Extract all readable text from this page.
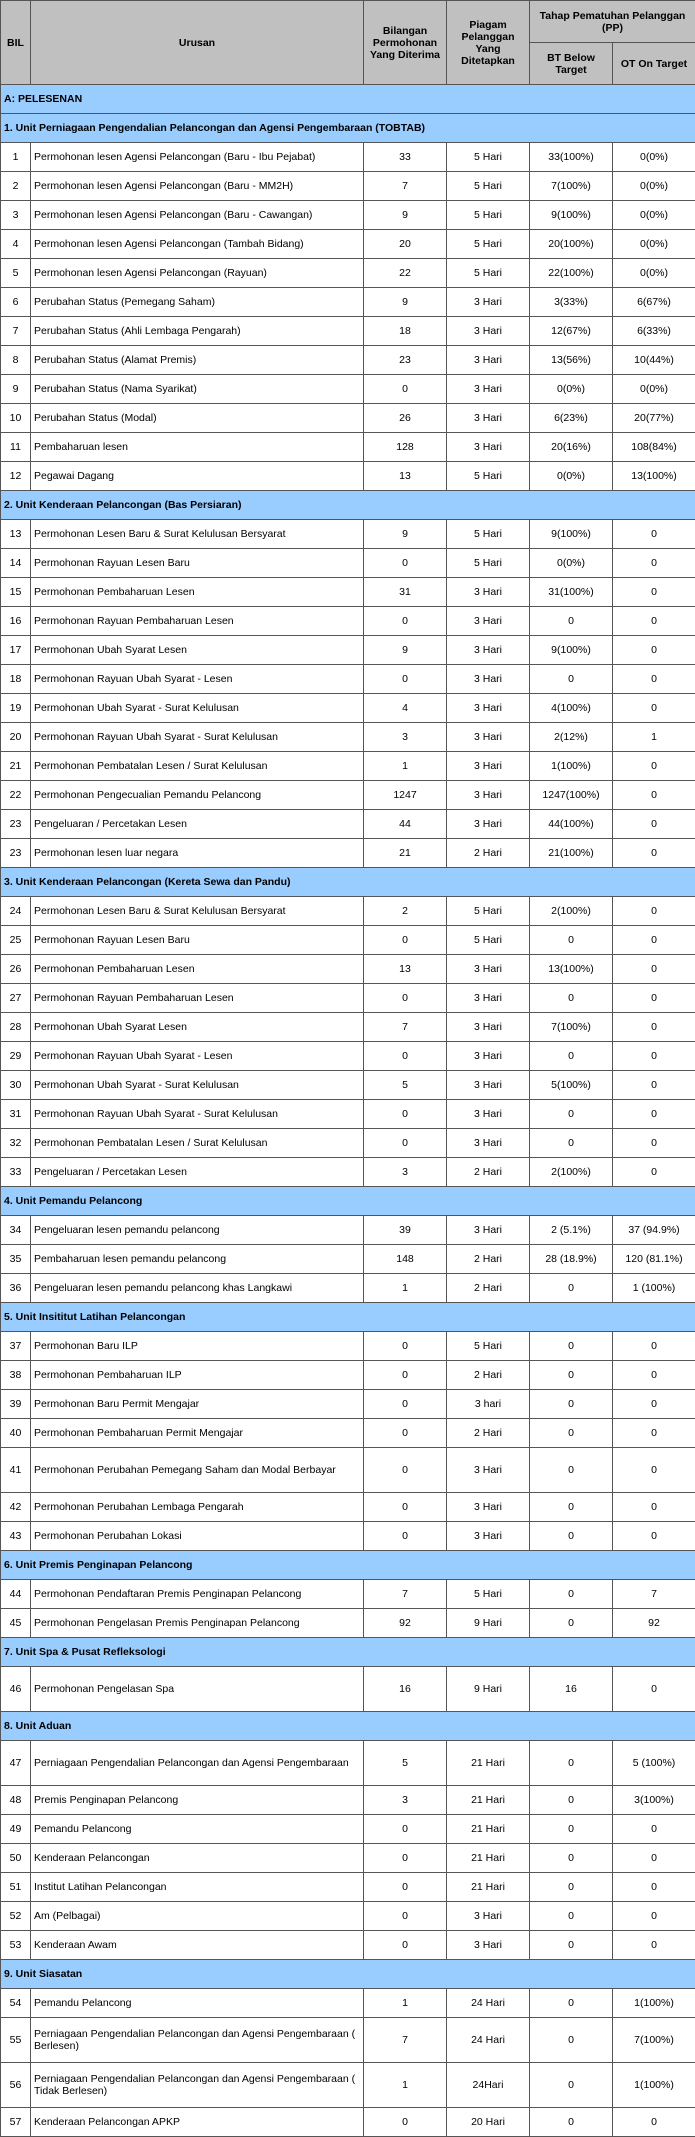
BIL	Urusan	Bilangan Permohonan Yang Diterima	Piagam Pelanggan Yang Ditetapkan	Tahap Pematuhan Pelanggan (PP)	
				BT Below Target	OT On Target
A: PELESENAN					
1. Unit Perniagaan Pengendalian Pelancongan dan Agensi Pengembaraan (TOBTAB)					
1	Permohonan lesen Agensi Pelancongan (Baru - Ibu Pejabat)	33	5 Hari	33(100%)	0(0%)
2	Permohonan lesen Agensi Pelancongan (Baru - MM2H)	7	5 Hari	7(100%)	0(0%)
3	Permohonan lesen Agensi Pelancongan (Baru - Cawangan)	9	5 Hari	9(100%)	0(0%)
4	Permohonan lesen Agensi Pelancongan (Tambah Bidang)	20	5 Hari	20(100%)	0(0%)
5	Permohonan lesen Agensi Pelancongan (Rayuan)	22	5 Hari	22(100%)	0(0%)
6	Perubahan Status (Pemegang Saham)	9	3 Hari	3(33%)	6(67%)
7	Perubahan Status (Ahli Lembaga Pengarah)	18	3 Hari	12(67%)	6(33%)
8	Perubahan Status (Alamat Premis)	23	3 Hari	13(56%)	10(44%)
9	Perubahan Status (Nama Syarikat)	0	3 Hari	0(0%)	0(0%)
10	Perubahan Status (Modal)	26	3 Hari	6(23%)	20(77%)
11	Pembaharuan lesen	128	3 Hari	20(16%)	108(84%)
12	Pegawai Dagang	13	5 Hari	0(0%)	13(100%)
2. Unit Kenderaan Pelancongan (Bas Persiaran)					
13	Permohonan Lesen Baru & Surat Kelulusan Bersyarat	9	5 Hari	9(100%)	0
14	Permohonan Rayuan Lesen Baru	0	5 Hari	0(0%)	0
15	Permohonan Pembaharuan Lesen	31	3 Hari	31(100%)	0
16	Permohonan Rayuan Pembaharuan Lesen	0	3 Hari	0	0
17	Permohonan Ubah Syarat Lesen	9	3 Hari	9(100%)	0
18	Permohonan Rayuan Ubah Syarat - Lesen	0	3 Hari	0	0
19	Permohonan Ubah Syarat - Surat Kelulusan	4	3 Hari	4(100%)	0
20	Permohonan Rayuan Ubah Syarat - Surat Kelulusan	3	3 Hari	2(12%)	1
21	Permohonan Pembatalan Lesen / Surat Kelulusan	1	3 Hari	1(100%)	0
22	Permohonan Pengecualian Pemandu Pelancong	1247	3 Hari	1247(100%)	0
23	Pengeluaran / Percetakan Lesen	44	3 Hari	44(100%)	0
23	Permohonan lesen luar negara	21	2 Hari	21(100%)	0
3. Unit Kenderaan Pelancongan (Kereta Sewa dan Pandu)					
24	Permohonan Lesen Baru & Surat Kelulusan Bersyarat	2	5 Hari	2(100%)	0
25	Permohonan Rayuan Lesen Baru	0	5 Hari	0	0
26	Permohonan Pembaharuan Lesen	13	3 Hari	13(100%)	0
27	Permohonan Rayuan Pembaharuan Lesen	0	3 Hari	0	0
28	Permohonan Ubah Syarat Lesen	7	3 Hari	7(100%)	0
29	Permohonan Rayuan Ubah Syarat - Lesen	0	3 Hari	0	0
30	Permohonan Ubah Syarat - Surat Kelulusan	5	3 Hari	5(100%)	0
31	Permohonan Rayuan Ubah Syarat - Surat Kelulusan	0	3 Hari	0	0
32	Permohonan Pembatalan Lesen / Surat Kelulusan	0	3 Hari	0	0
33	Pengeluaran / Percetakan Lesen	3	2 Hari	2(100%)	0
4. Unit Pemandu Pelancong					
34	Pengeluaran lesen pemandu pelancong	39	3 Hari	2 (5.1%)	37 (94.9%)
35	Pembaharuan lesen pemandu pelancong	148	2 Hari	28 (18.9%)	120 (81.1%)
36	Pengeluaran lesen pemandu pelancong khas Langkawi	1	2 Hari	0	1 (100%)
5. Unit Insititut Latihan Pelancongan					
37	Permohonan Baru ILP	0	5 Hari	0	0
38	Permohonan Pembaharuan ILP	0	2 Hari	0	0
39	Permohonan Baru Permit Mengajar	0	3 hari	0	0
40	Permohonan Pembaharuan Permit Mengajar	0	2 Hari	0	0
41	Permohonan Perubahan Pemegang Saham dan Modal Berbayar	0	3 Hari	0	0
42	Permohonan Perubahan Lembaga Pengarah	0	3 Hari	0	0
43	Permohonan Perubahan Lokasi	0	3 Hari	0	0
6. Unit Premis Penginapan Pelancong					
44	Permohonan Pendaftaran Premis Penginapan Pelancong	7	5 Hari	0	7
45	Permohonan Pengelasan Premis Penginapan Pelancong	92	9 Hari	0	92
7. Unit Spa & Pusat Refleksologi					
46	Permohonan Pengelasan Spa	16	9 Hari	16	0
8. Unit Aduan					
47	Perniagaan Pengendalian Pelancongan dan Agensi Pengembaraan	5	21 Hari	0	5 (100%)
48	Premis Penginapan Pelancong	3	21 Hari	0	3(100%)
49	Pemandu Pelancong	0	21 Hari	0	0
50	Kenderaan Pelancongan	0	21 Hari	0	0
51	Institut Latihan Pelancongan	0	21 Hari	0	0
52	Am (Pelbagai)	0	3 Hari	0	0
53	Kenderaan Awam	0	3 Hari	0	0
9. Unit Siasatan					
54	Pemandu Pelancong	1	24 Hari	0	1(100%)
55	Perniagaan Pengendalian Pelancongan dan Agensi Pengembaraan ( Berlesen)	7	24 Hari	0	7(100%)
56	Perniagaan Pengendalian Pelancongan dan Agensi Pengembaraan ( Tidak Berlesen)	1	24Hari	0	1(100%)
57	Kenderaan Pelancongan APKP	0	20 Hari	0	0
